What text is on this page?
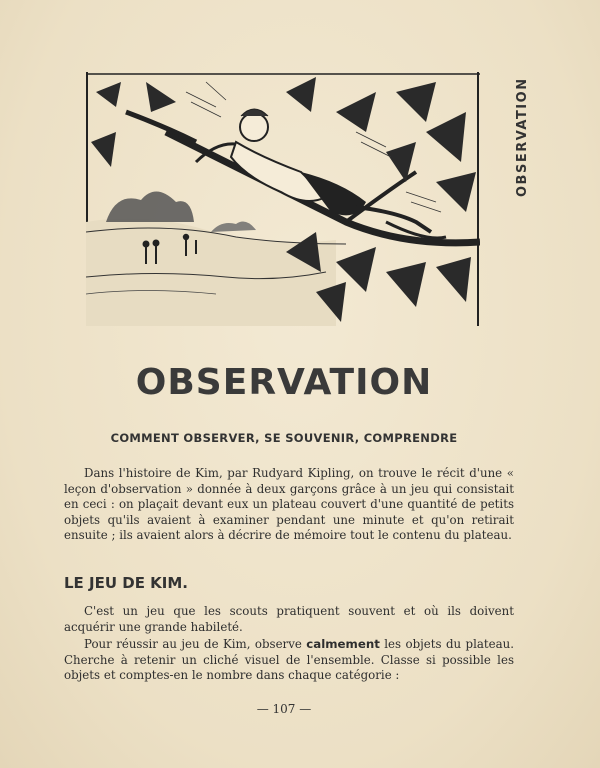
OBSERVATION
OBSERVATION
COMMENT OBSERVER, SE SOUVENIR, COMPRENDRE
Dans l'histoire de Kim, par Rudyard Kipling, on trouve le récit d'une « leçon d'observation » donnée à deux garçons grâce à un jeu qui consistait en ceci : on plaçait devant eux un plateau couvert d'une quantité de petits objets qu'ils avaient à examiner pendant une minute et qu'on retirait ensuite ; ils avaient alors à décrire de mémoire tout le contenu du plateau.
LE JEU DE KIM.
C'est un jeu que les scouts pratiquent souvent et où ils doivent acquérir une grande habileté.
Pour réussir au jeu de Kim, observe calmement les objets du plateau. Cherche à retenir un cliché visuel de l'ensemble. Classe si possible les objets et comptes-en le nombre dans chaque catégorie :
— 107 —
